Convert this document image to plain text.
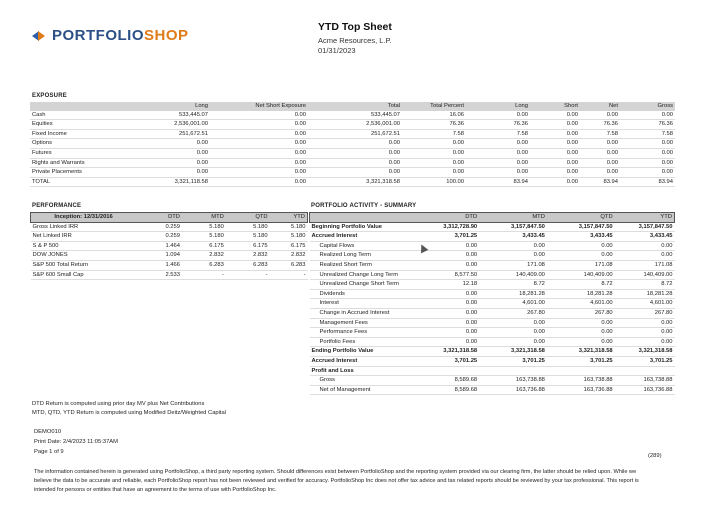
PORTFOLIO SHOP	YTD Top Sheet
Acme Resources, L.P.
01/31/2023
EXPOSURE
	Long	Net Short Exposure	Total	Total Percent	Long	Short	Net	Gross
Cash	533,445.07	0.00	533,445.07	16.06	0.00	0.00	0.00	0.00
Equities	2,536,001.00	0.00	2,536,001.00	76.36	76.36	0.00	76.36	76.36
Fixed Income	251,672.51	0.00	251,672.51	7.58	7.58	0.00	7.58	7.58
Options	0.00	0.00	0.00	0.00	0.00	0.00	0.00	0.00
Futures	0.00	0.00	0.00	0.00	0.00	0.00	0.00	0.00
Rights and Warrants	0.00	0.00	0.00	0.00	0.00	0.00	0.00	0.00
Private Placements	0.00	0.00	0.00	0.00	0.00	0.00	0.00	0.00
TOTAL	3,321,118.58	0.00	3,321,318.58	100.00	83.94	0.00	83.94	83.94
PERFORMANCE	PORTFOLIO ACTIVITY - SUMMARY
Inception: 12/31/2016	DTD	MTD	QTD	YTD
Gross Linked IRR	0.259	5.180	5.180	5.180
Net Linked IRR	0.259	5.180	5.180	5.180
S & P 500	1.464	6.175	6.175	6.175
DOW JONES	1.094	2.832	2.832	2.832
S&P 500 Total Return	1.466	6.283	6.283	6.283
S&P 600 Small Cap	2.533	-	-	-
	DTD	MTD	QTD	YTD
Beginning Portfolio Value	3,312,728.90	3,157,847.50	3,157,847.50	3,157,847.50
Accrued Interest	3,701.25	3,433.45	3,433.45	3,433.45
Capital Flows	0.00	0.00	0.00	0.00
Realized Long Term	0.00	0.00	0.00	0.00
Realized Short Term	0.00	171.08	171.08	171.08
Unrealized Change Long Term	8,577.50	140,409.00	140,409.00	140,409.00
Unrealized Change Short Term	12.18	8.72	8.72	8.72
Dividends	0.00	18,281.28	18,281.28	18,281.28
Interest	0.00	4,601.00	4,601.00	4,601.00
Change in Accrued Interest	0.00	267.80	267.80	267.80
Management Fees	0.00	0.00	0.00	0.00
Performance Fees	0.00	0.00	0.00	0.00
Portfolio Fees	0.00	0.00	0.00	0.00
Ending Portfolio Value	3,321,318.58	3,321,318.58	3,321,318.58	3,321,318.58
Accrued Interest	3,701.25	3,701.25	3,701.25	3,701.25
Profit and Loss				
Gross	8,589.68	163,738.88	163,738.88	163,738.88
Net of Management	8,589.68	163,736.88	163,736.88	163,736.88
DTD Return is computed using prior day MV plus Net Contributions
MTD, QTD, YTD Return is computed using Modified Deitz/Weighted Capital
DEMO010
Print Date: 2/4/2023 11:05:37AM
Page 1 of 9
(289)
The information contained herein is generated using PortfolioShop, a third party reporting system. Should differences exist between PortfolioShop and the reporting system provided via our clearing firm, the latter should be relied upon. While we believe the data to be accurate and reliable, each PortfolioShop report has not been reviewed and verified for accuracy. PortfolioShop Inc does not offer tax advice and tax related reports should be reviewed by your tax professional. This report is intended for persons or entities that have an agreement to the terms of use with PortfolioShop Inc.
